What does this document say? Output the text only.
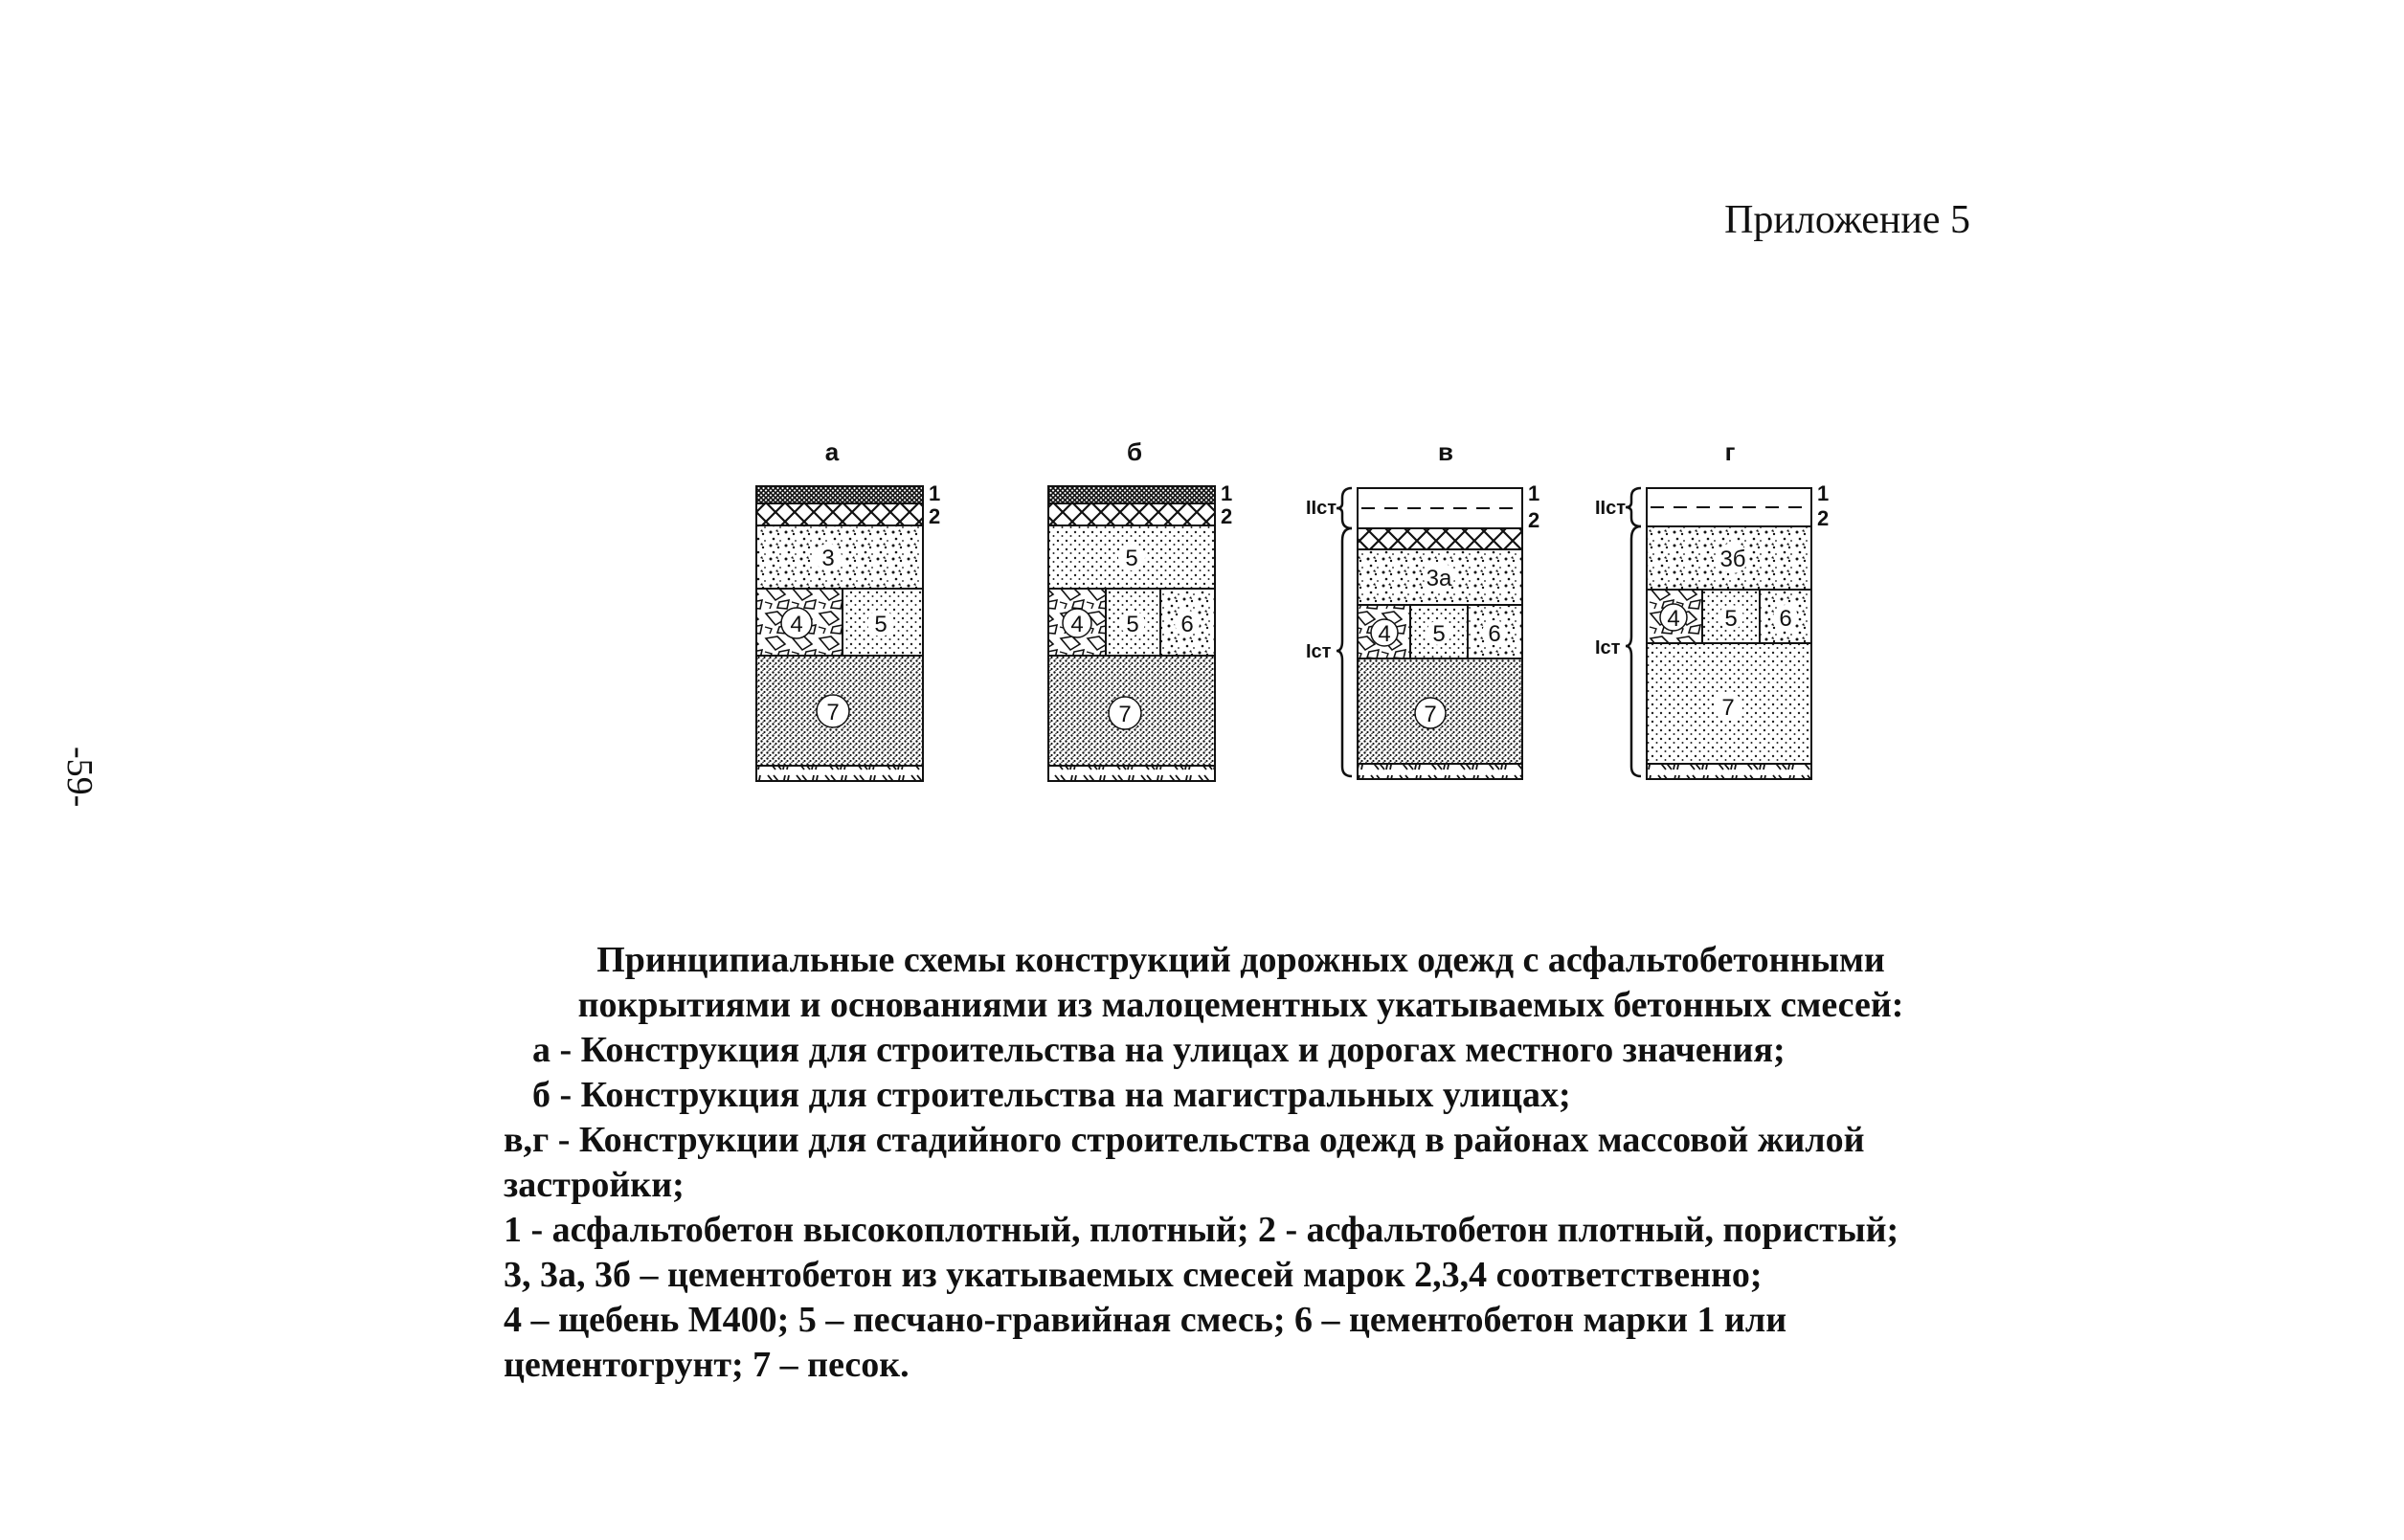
-59-
Приложение 5
а
3
4	5
7
1
2
б
5
4 5 6
7
1
2
в
3а
4 5 6
7
1
2
IIст
Iст
г
3б
4 5 6
7
1
2
IIст
Iст
Принципиальные схемы конструкций дорожных одежд с асфальтобетонными
покрытиями и основаниями из малоцементных укатываемых бетонных смесей:
а - Конструкция для строительства на улицах и дорогах местного значения;
б - Конструкция для строительства на магистральных улицах;
в,г - Конструкции для стадийного строительства одежд в районах массовой жилой
застройки;
1 - асфальтобетон высокоплотный, плотный; 2 - асфальтобетон плотный, пористый;
3, 3а, 3б – цементобетон из укатываемых смесей марок 2,3,4 соответственно;
4 – щебень М400; 5 – песчано-гравийная смесь; 6 – цементобетон марки 1 или
цементогрунт; 7 – песок.
